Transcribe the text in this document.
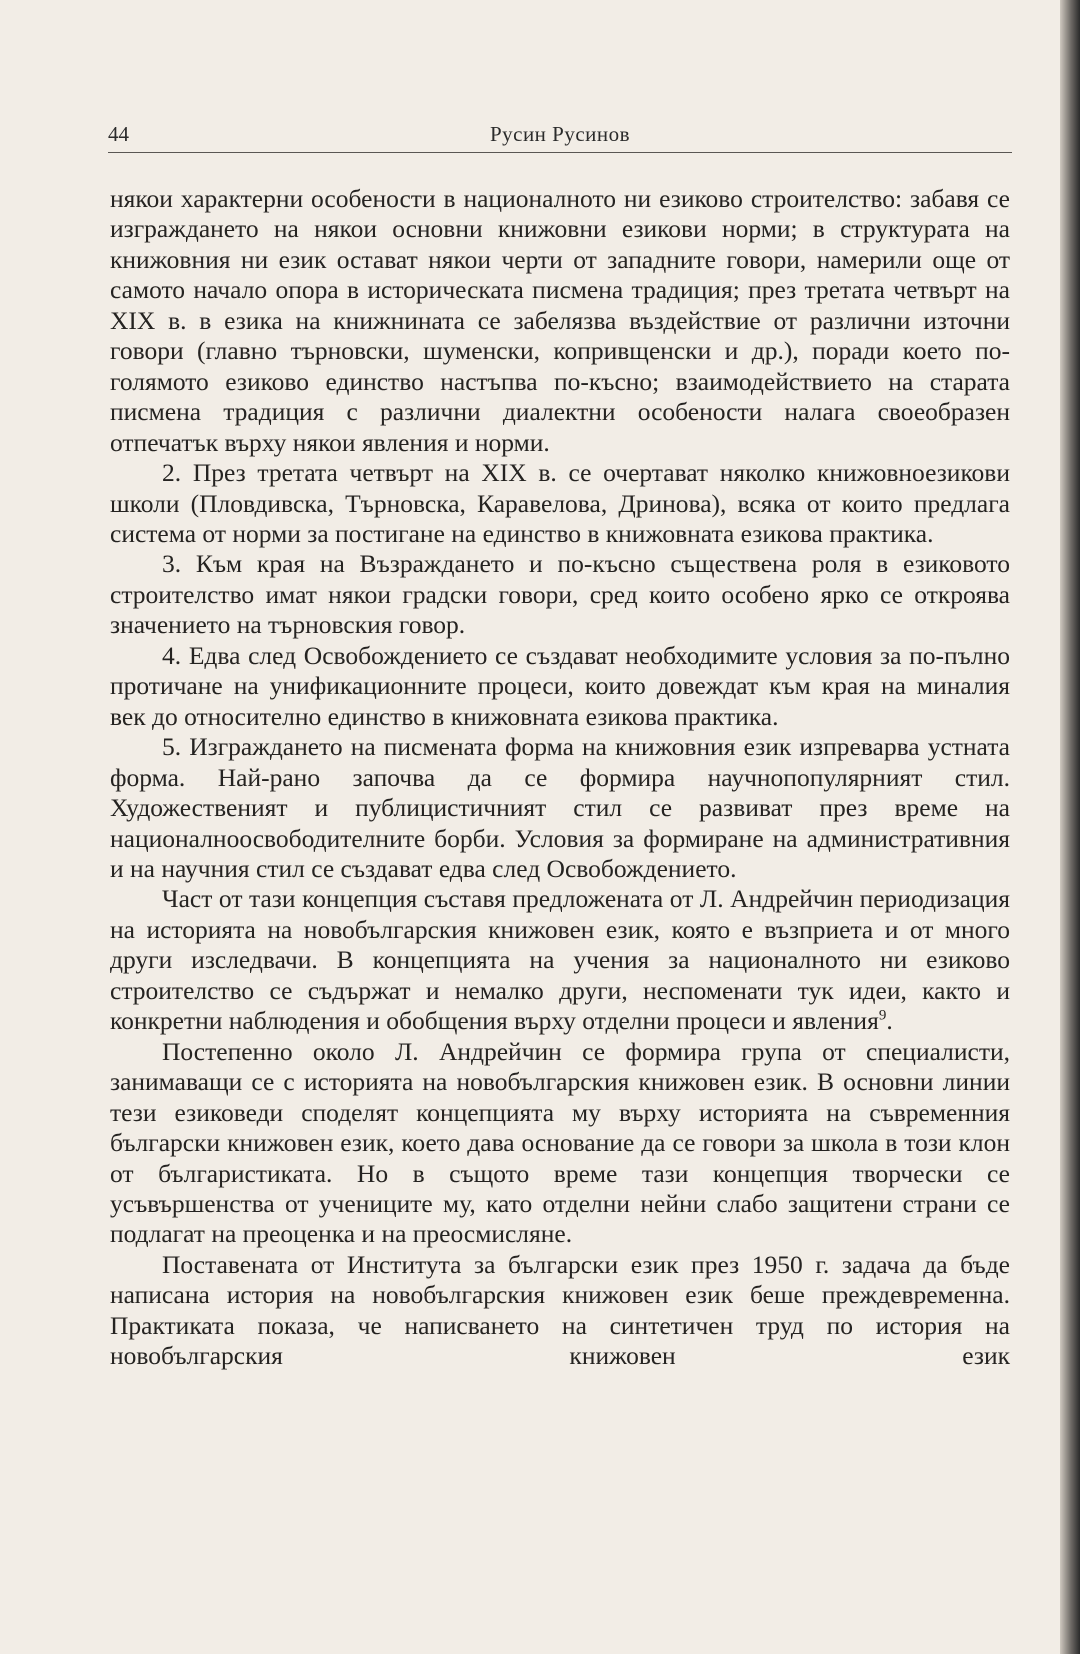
44	Русин Русинов

някои характерни особености в националното ни езиково строителство: забавя се изграждането на някои основни книжовни езикови норми; в структурата на книжовния ни език остават някои черти от западните говори, намерили още от самото начало опора в историческата писмена традиция; през третата четвърт на XIX в. в езика на книжнината се забелязва въздействие от различни източни говори (главно търновски, шуменски, копривщенски и др.), поради което по-голямото езиково единство настъпва по-късно; взаимодействието на старата писмена традиция с различни диалектни особености налага своеобразен отпечатък върху някои явления и норми.

2. През третата четвърт на XIX в. се очертават няколко книжовноезикови школи (Пловдивска, Търновска, Каравелова, Дринова), всяка от които предлага система от норми за постигане на единство в книжовната езикова практика.

3. Към края на Възраждането и по-късно съществена роля в езиковото строителство имат някои градски говори, сред които особено ярко се откроява значението на търновския говор.

4. Едва след Освобождението се създават необходимите условия за по-пълно протичане на унификационните процеси, които довеждат към края на миналия век до относително единство в книжовната езикова практика.

5. Изграждането на писмената форма на книжовния език изпреварва устната форма. Най-рано започва да се формира научнопопулярният стил. Художественият и публицистичният стил се развиват през време на националноосвободителните борби. Условия за формиране на административния и на научния стил се създават едва след Освобождението.

Част от тази концепция съставя предложената от Л. Андрейчин периодизация на историята на новобългарския книжовен език, която е възприета и от много други изследвачи. В концепцията на учения за националното ни езиково строителство се съдържат и немалко други, неспоменати тук идеи, както и конкретни наблюдения и обобщения върху отделни процеси и явления$^9$.

Постепенно около Л. Андрейчин се формира група от специалисти, занимаващи се с историята на новобългарския книжовен език. В основни линии тези езиковеди споделят концепцията му върху историята на съвременния български книжовен език, което дава основание да се говори за школа в този клон от българистиката. Но в същото време тази концепция творчески се усъвършенства от учениците му, като отделни нейни слабо защитени страни се подлагат на преоценка и на преосмисляне.

Поставената от Института за български език през 1950 г. задача да бъде написана история на новобългарския книжовен език беше преждевременна. Практиката показа, че написването на синтетичен труд по история на новобългарския книжовен език
